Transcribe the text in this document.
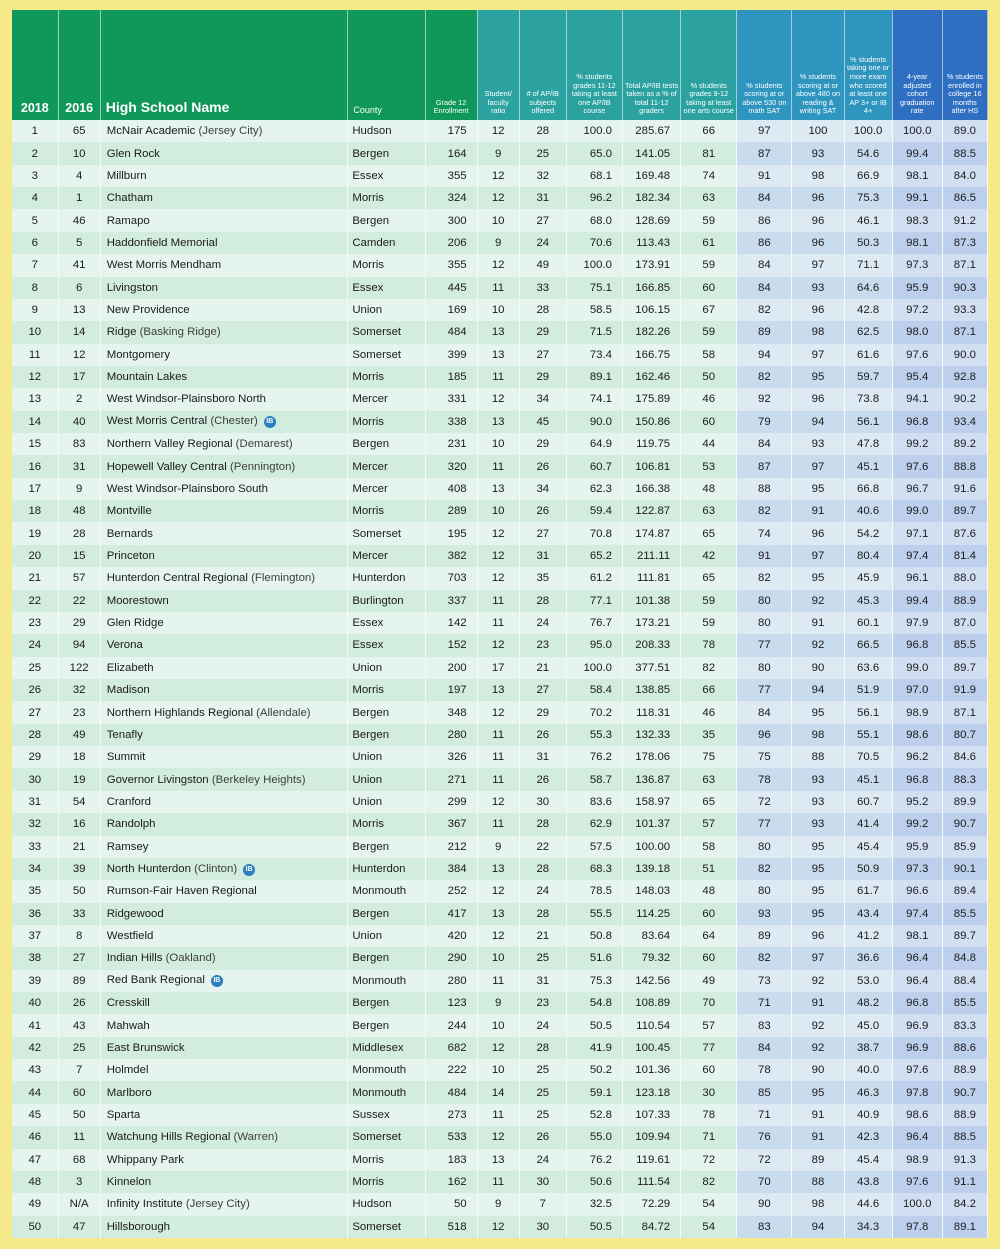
2018	2016	High School Name	County	Grade 12 Enrollment	Student/ faculty ratio	# of AP/IB subjects offered	% students grades 11-12 taking at least one AP/IB course	Total AP/IB tests taken as a % of total 11-12 graders	% students grades 9-12 taking at least one arts course	% students scoring at or above 530 on math SAT	% students scoring at or above 480 on reading & writing SAT	% students taking one or more exam who scored at least one AP 3+ or IB 4+	4-year adjusted cohort graduation rate	% students enrolled in college 16 months after HS
1	65	McNair Academic (Jersey City)	Hudson	175	12	28	100.0	285.67	66	97	100	100.0	100.0	89.0
2	10	Glen Rock	Bergen	164	9	25	65.0	141.05	81	87	93	54.6	99.4	88.5
3	4	Millburn	Essex	355	12	32	68.1	169.48	74	91	98	66.9	98.1	84.0
4	1	Chatham	Morris	324	12	31	96.2	182.34	63	84	96	75.3	99.1	86.5
5	46	Ramapo	Bergen	300	10	27	68.0	128.69	59	86	96	46.1	98.3	91.2
6	5	Haddonfield Memorial	Camden	206	9	24	70.6	113.43	61	86	96	50.3	98.1	87.3
7	41	West Morris Mendham	Morris	355	12	49	100.0	173.91	59	84	97	71.1	97.3	87.1
8	6	Livingston	Essex	445	11	33	75.1	166.85	60	84	93	64.6	95.9	90.3
9	13	New Providence	Union	169	10	28	58.5	106.15	67	82	96	42.8	97.2	93.3
10	14	Ridge (Basking Ridge)	Somerset	484	13	29	71.5	182.26	59	89	98	62.5	98.0	87.1
11	12	Montgomery	Somerset	399	13	27	73.4	166.75	58	94	97	61.6	97.6	90.0
12	17	Mountain Lakes	Morris	185	11	29	89.1	162.46	50	82	95	59.7	95.4	92.8
13	2	West Windsor-Plainsboro North	Mercer	331	12	34	74.1	175.89	46	92	96	73.8	94.1	90.2
14	40	West Morris Central (Chester) IB	Morris	338	13	45	90.0	150.86	60	79	94	56.1	96.8	93.4
15	83	Northern Valley Regional (Demarest)	Bergen	231	10	29	64.9	119.75	44	84	93	47.8	99.2	89.2
16	31	Hopewell Valley Central (Pennington)	Mercer	320	11	26	60.7	106.81	53	87	97	45.1	97.6	88.8
17	9	West Windsor-Plainsboro South	Mercer	408	13	34	62.3	166.38	48	88	95	66.8	96.7	91.6
18	48	Montville	Morris	289	10	26	59.4	122.87	63	82	91	40.6	99.0	89.7
19	28	Bernards	Somerset	195	12	27	70.8	174.87	65	74	96	54.2	97.1	87.6
20	15	Princeton	Mercer	382	12	31	65.2	211.11	42	91	97	80.4	97.4	81.4
21	57	Hunterdon Central Regional (Flemington)	Hunterdon	703	12	35	61.2	111.81	65	82	95	45.9	96.1	88.0
22	22	Moorestown	Burlington	337	11	28	77.1	101.38	59	80	92	45.3	99.4	88.9
23	29	Glen Ridge	Essex	142	11	24	76.7	173.21	59	80	91	60.1	97.9	87.0
24	94	Verona	Essex	152	12	23	95.0	208.33	78	77	92	66.5	96.8	85.5
25	122	Elizabeth	Union	200	17	21	100.0	377.51	82	80	90	63.6	99.0	89.7
26	32	Madison	Morris	197	13	27	58.4	138.85	66	77	94	51.9	97.0	91.9
27	23	Northern Highlands Regional (Allendale)	Bergen	348	12	29	70.2	118.31	46	84	95	56.1	98.9	87.1
28	49	Tenafly	Bergen	280	11	26	55.3	132.33	35	96	98	55.1	98.6	80.7
29	18	Summit	Union	326	11	31	76.2	178.06	75	75	88	70.5	96.2	84.6
30	19	Governor Livingston (Berkeley Heights)	Union	271	11	26	58.7	136.87	63	78	93	45.1	96.8	88.3
31	54	Cranford	Union	299	12	30	83.6	158.97	65	72	93	60.7	95.2	89.9
32	16	Randolph	Morris	367	11	28	62.9	101.37	57	77	93	41.4	99.2	90.7
33	21	Ramsey	Bergen	212	9	22	57.5	100.00	58	80	95	45.4	95.9	85.9
34	39	North Hunterdon (Clinton) IB	Hunterdon	384	13	28	68.3	139.18	51	82	95	50.9	97.3	90.1
35	50	Rumson-Fair Haven Regional	Monmouth	252	12	24	78.5	148.03	48	80	95	61.7	96.6	89.4
36	33	Ridgewood	Bergen	417	13	28	55.5	114.25	60	93	95	43.4	97.4	85.5
37	8	Westfield	Union	420	12	21	50.8	83.64	64	89	96	41.2	98.1	89.7
38	27	Indian Hills (Oakland)	Bergen	290	10	25	51.6	79.32	60	82	97	36.6	96.4	84.8
39	89	Red Bank Regional IB	Monmouth	280	11	31	75.3	142.56	49	73	92	53.0	96.4	88.4
40	26	Cresskill	Bergen	123	9	23	54.8	108.89	70	71	91	48.2	96.8	85.5
41	43	Mahwah	Bergen	244	10	24	50.5	110.54	57	83	92	45.0	96.9	83.3
42	25	East Brunswick	Middlesex	682	12	28	41.9	100.45	77	84	92	38.7	96.9	88.6
43	7	Holmdel	Monmouth	222	10	25	50.2	101.36	60	78	90	40.0	97.6	88.9
44	60	Marlboro	Monmouth	484	14	25	59.1	123.18	30	85	95	46.3	97.8	90.7
45	50	Sparta	Sussex	273	11	25	52.8	107.33	78	71	91	40.9	98.6	88.9
46	11	Watchung Hills Regional (Warren)	Somerset	533	12	26	55.0	109.94	71	76	91	42.3	96.4	88.5
47	68	Whippany Park	Morris	183	13	24	76.2	119.61	72	72	89	45.4	98.9	91.3
48	3	Kinnelon	Morris	162	11	30	50.6	111.54	82	70	88	43.8	97.6	91.1
49	N/A	Infinity Institute (Jersey City)	Hudson	50	9	7	32.5	72.29	54	90	98	44.6	100.0	84.2
50	47	Hillsborough	Somerset	518	12	30	50.5	84.72	54	83	94	34.3	97.8	89.1
